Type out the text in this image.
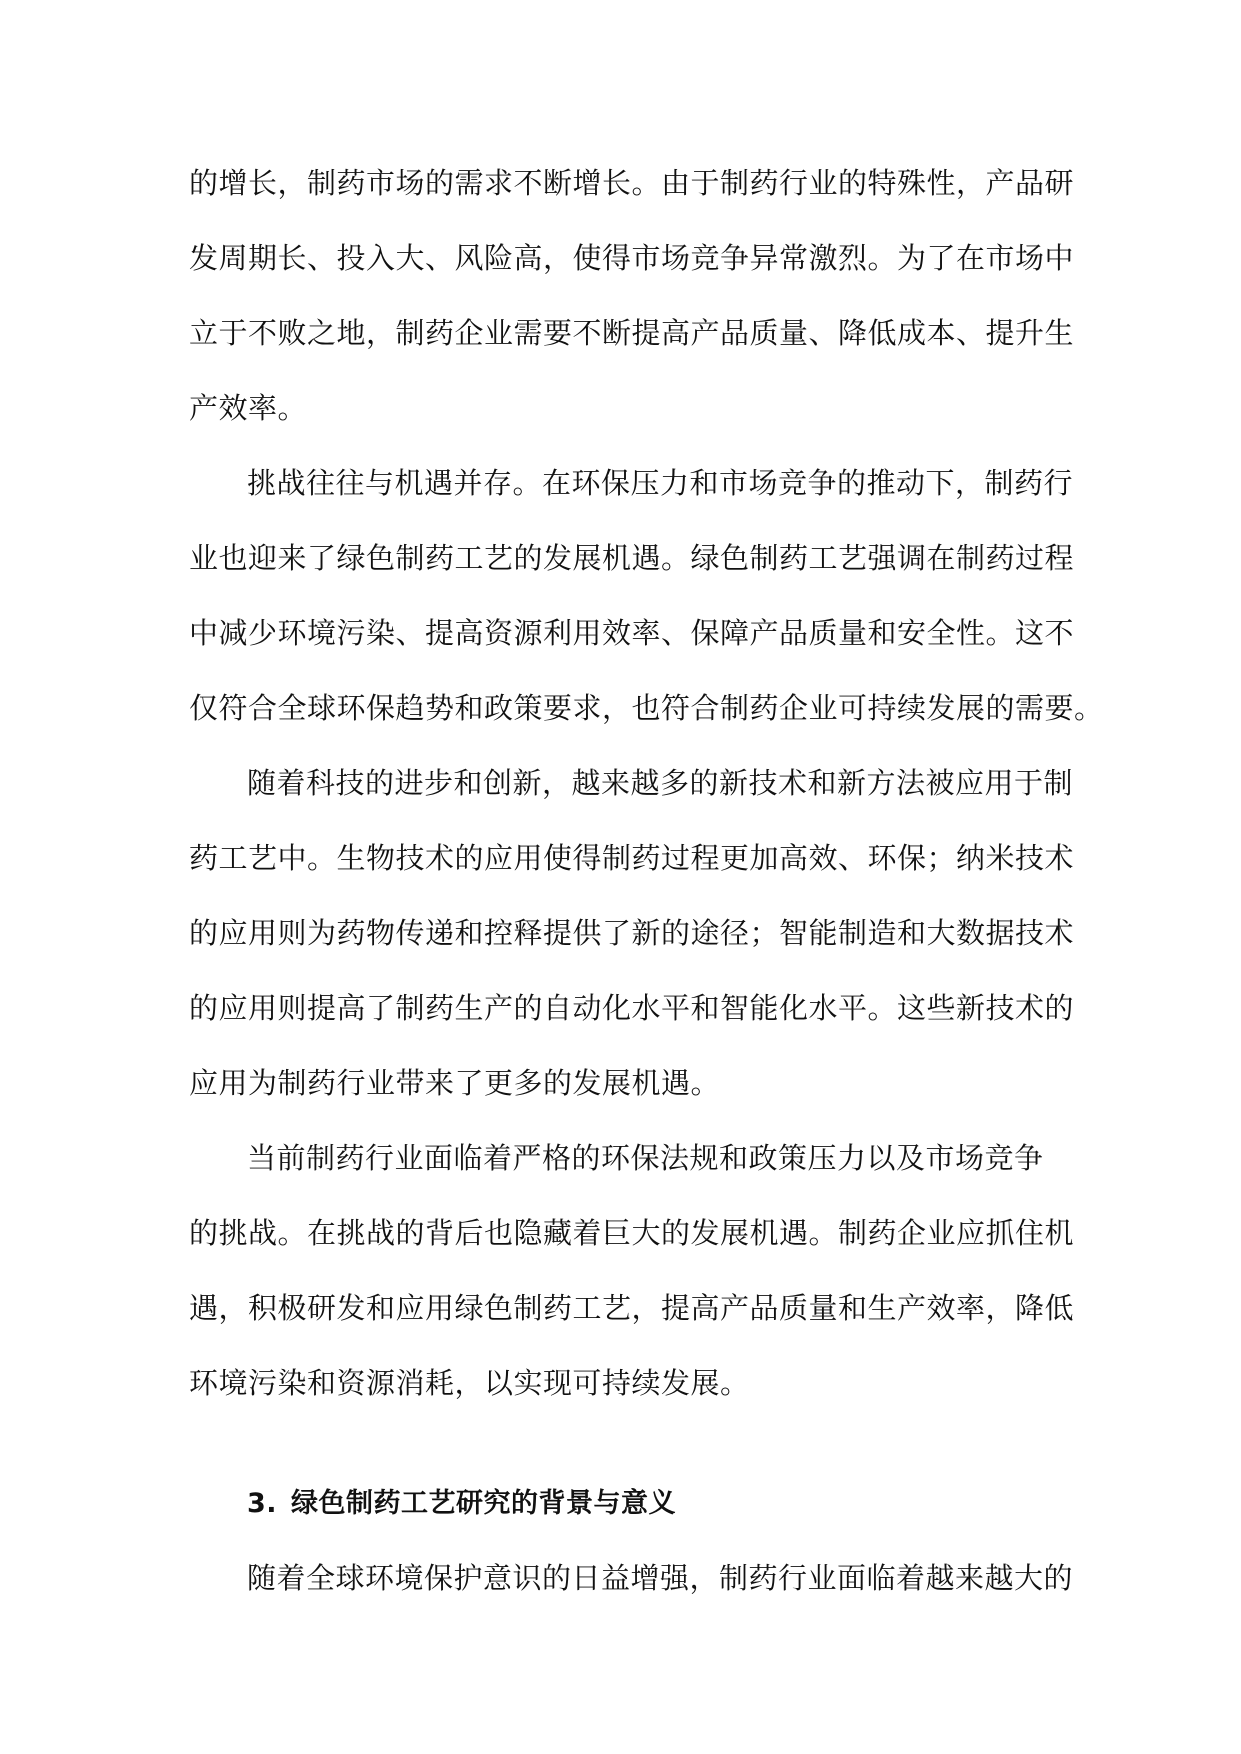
的增长，制药市场的需求不断增长。由于制药行业的特殊性，产品研
发周期长、投入大、风险高，使得市场竞争异常激烈。为了在市场中
立于不败之地，制药企业需要不断提高产品质量、降低成本、提升生
产效率。
挑战往往与机遇并存。在环保压力和市场竞争的推动下，制药行
业也迎来了绿色制药工艺的发展机遇。绿色制药工艺强调在制药过程
中减少环境污染、提高资源利用效率、保障产品质量和安全性。这不
仅符合全球环保趋势和政策要求，也符合制药企业可持续发展的需要。
随着科技的进步和创新，越来越多的新技术和新方法被应用于制
药工艺中。生物技术的应用使得制药过程更加高效、环保；纳米技术
的应用则为药物传递和控释提供了新的途径；智能制造和大数据技术
的应用则提高了制药生产的自动化水平和智能化水平。这些新技术的
应用为制药行业带来了更多的发展机遇。
当前制药行业面临着严格的环保法规和政策压力以及市场竞争
的挑战。在挑战的背后也隐藏着巨大的发展机遇。制药企业应抓住机
遇，积极研发和应用绿色制药工艺，提高产品质量和生产效率，降低
环境污染和资源消耗，以实现可持续发展。
3. 绿色制药工艺研究的背景与意义
随着全球环境保护意识的日益增强，制药行业面临着越来越大的
